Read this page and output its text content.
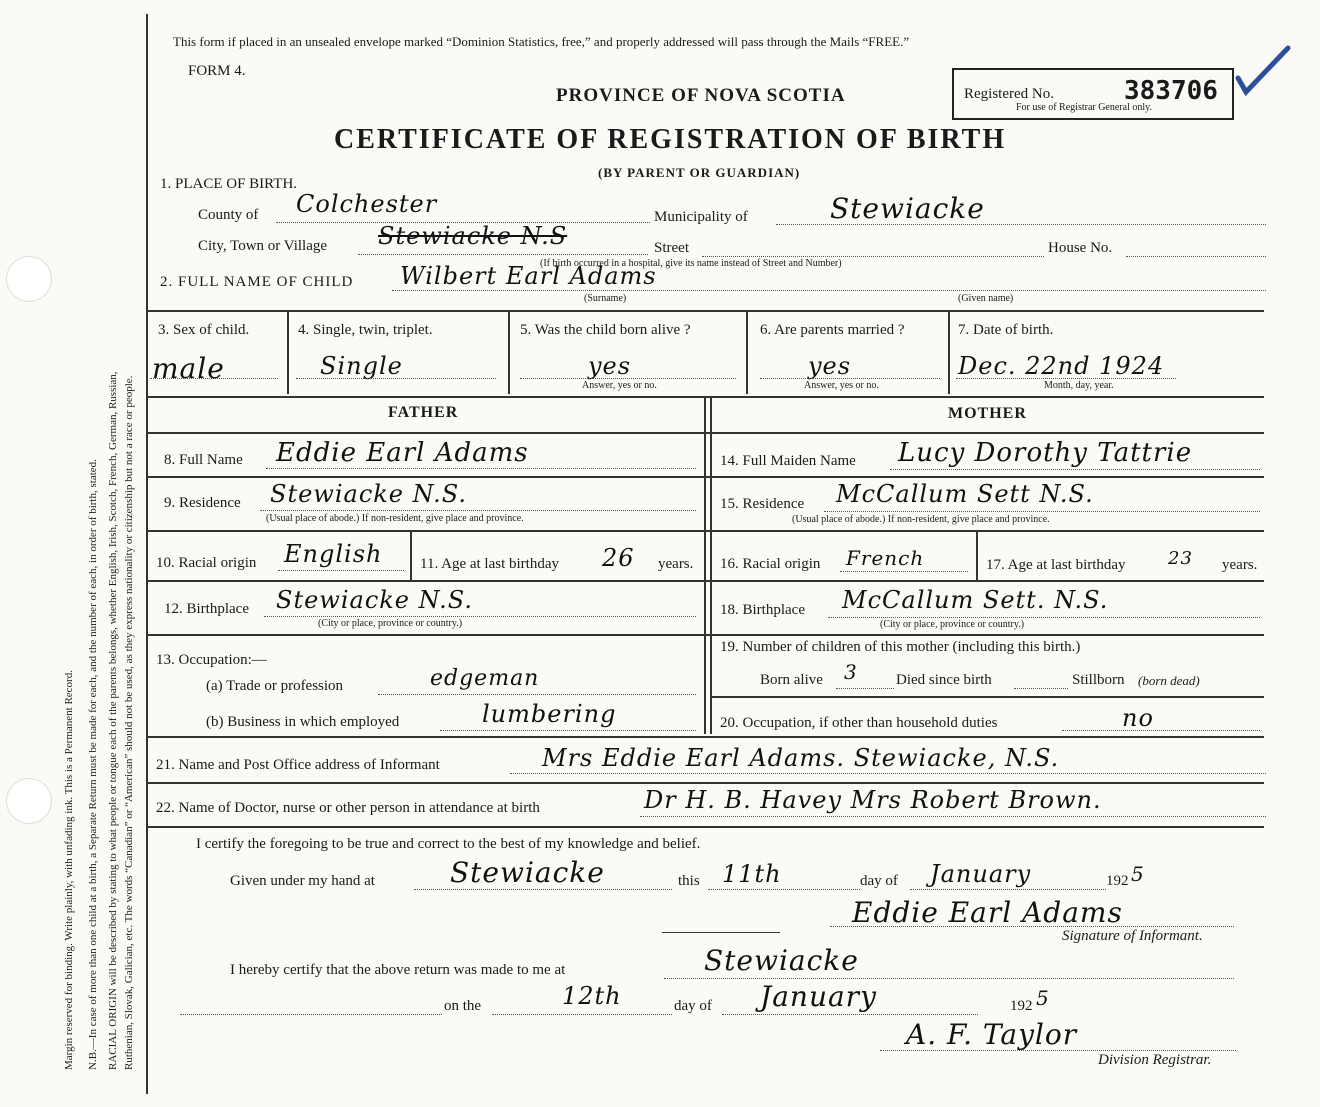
Margin reserved for binding. Write plainly, with unfading ink. This is a Permanent Record.	N.B.—In case of more than one child at a birth, a Separate Return must be made for each, and the number of each, in order of birth, stated. RACIAL ORIGIN will be described by stating to what people or tongue each of the parents belongs, whether English, Irish, Scotch, French, German, Russian, Ruthenian, Slovak, Galician, etc. The words “Canadian” or “American” should not be used, as they express nationality or citizenship but not a race or people.
This form if placed in an unsealed envelope marked “Dominion Statistics, free,” and properly addressed will pass through the Mails “FREE.”
FORM 4.
PROVINCE OF NOVA SCOTIA
CERTIFICATE OF REGISTRATION OF BIRTH
(BY PARENT OR GUARDIAN)
Registered No.	383706
For use of Registrar General only.
1. PLACE OF BIRTH.
County of Colchester	Municipality of	Stewiacke
City, Town or Village Stewiacke N.S	Street	House No.
(If birth occurred in a hospital, give its name instead of Street and Number)
2. FULL NAME OF CHILD Wilbert Earl Adams
(Surname)	(Given name)
3. Sex of child.
male
4. Single, twin, triplet.
Single
5. Was the child born alive ?
yes
Answer, yes or no.
6. Are parents married ?
yes
Answer, yes or no.
7. Date of birth.
Dec. 22nd 1924
Month, day, year.
FATHER	MOTHER
8. Full Name Eddie Earl Adams	14. Full Maiden Name Lucy Dorothy Tattrie
9. Residence Stewiacke N.S.
(Usual place of abode.) If non-resident, give place and province.
15. Residence McCallum Sett N.S.
(Usual place of abode.) If non-resident, give place and province.
10. Racial origin English	11. Age at last birthday 26 years. 16. Racial origin French	17. Age at last birthday 23 years.
12. Birthplace Stewiacke N.S.
(City or place, province or country.)
18. Birthplace McCallum Sett. N.S.
(City or place, province or country.)
13. Occupation:—
(a) Trade or profession	edgeman
(b) Business in which employed	lumbering
19. Number of children of this mother (including this birth.)
Born alive 3	Died since birth	Stillborn (born dead)
20. Occupation, if other than household duties	no
21. Name and Post Office address of Informant	Mrs Eddie Earl Adams. Stewiacke, N.S.
22. Name of Doctor, nurse or other person in attendance at birth	Dr H. B. Havey Mrs Robert Brown.
I certify the foregoing to be true and correct to the best of my knowledge and belief.
Given under my hand at	Stewiacke	this 11th	day of January	192 5
Eddie Earl Adams
Signature of Informant.
I hereby certify that the above return was made to me at	Stewiacke
on the	12th	day of January	192 5
A. F. Taylor
Division Registrar.
